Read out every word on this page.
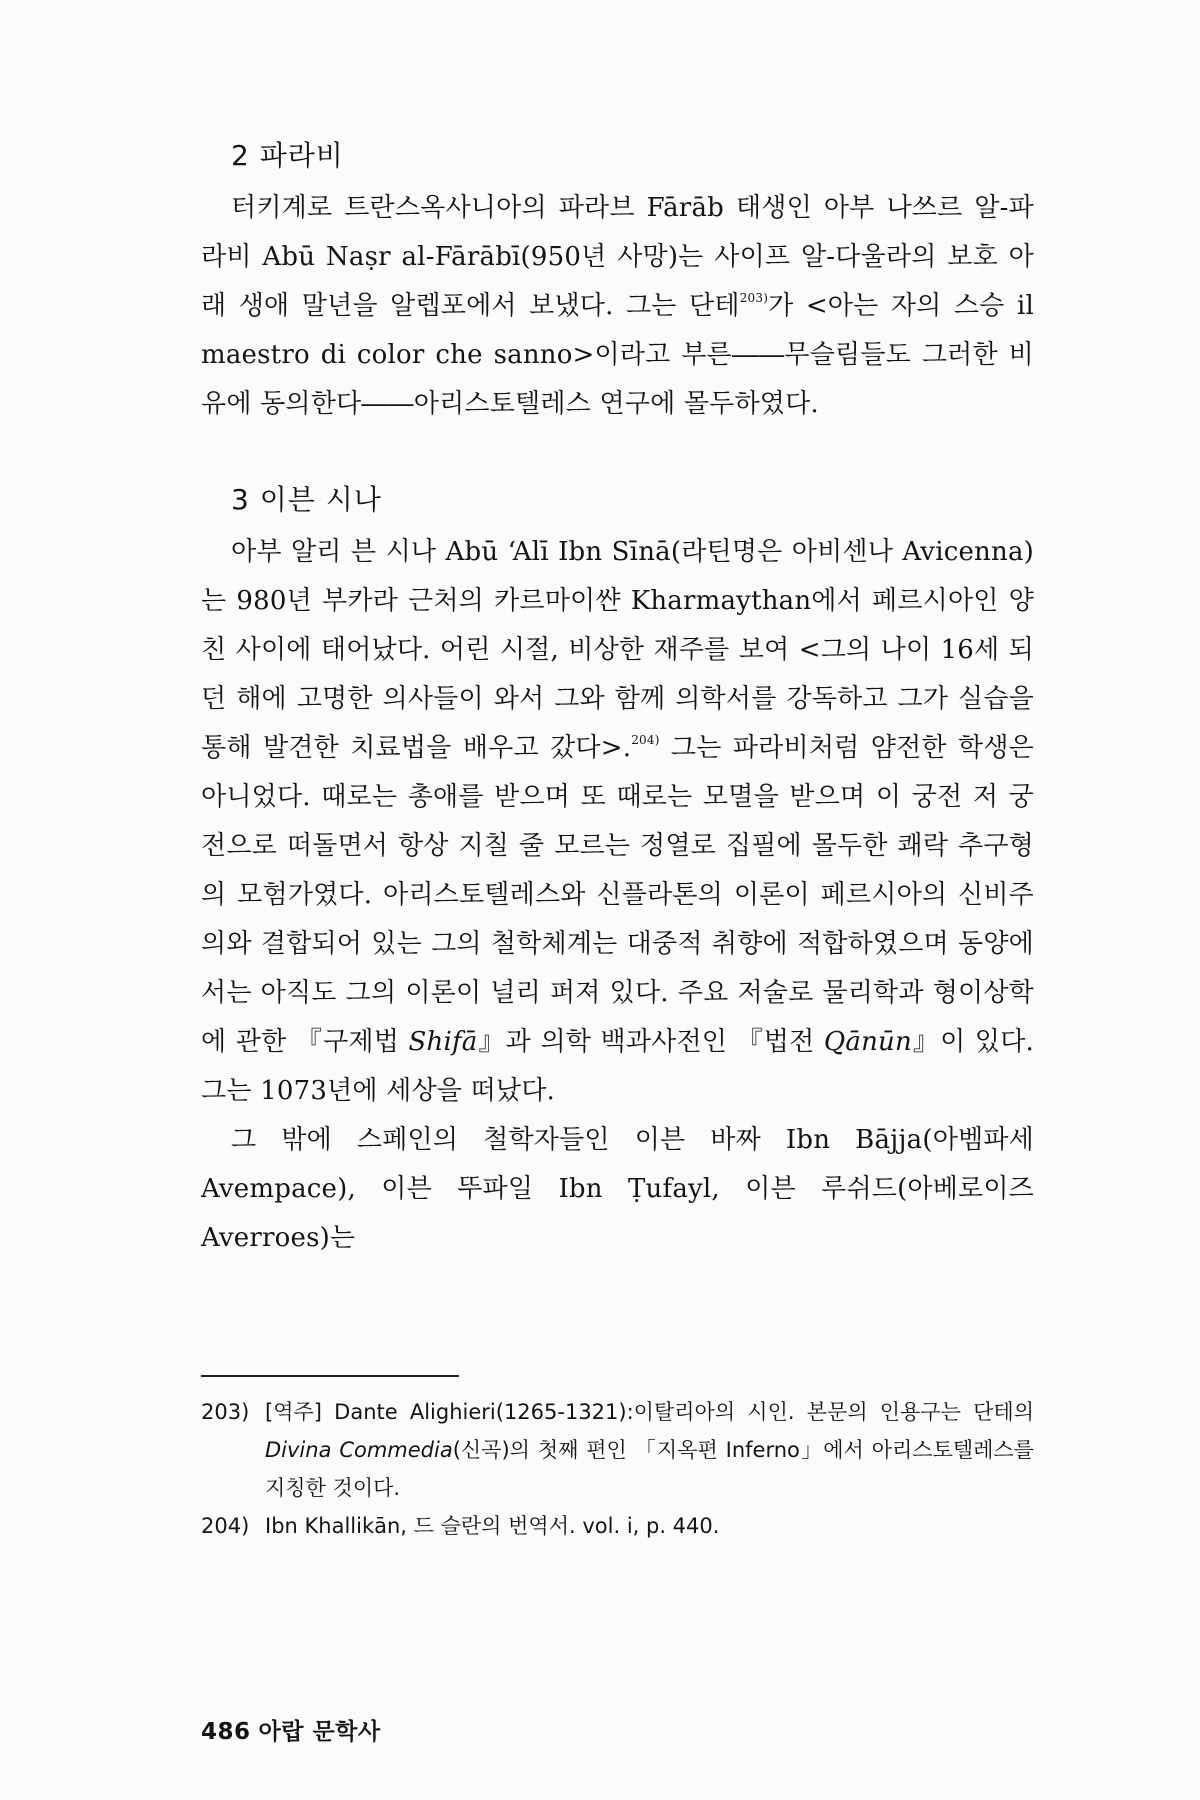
2 파라비

터키계로 트란스옥사니아의 파라브 Fārāb 태생인 아부 나쓰르 알-파라비 Abū Naṣr al-Fārābī(950년 사망)는 사이프 알-다울라의 보호 아래 생애 말년을 알렙포에서 보냈다. 그는 단테$^{203)}$가 <아는 자의 스승 il maestro di color che sanno>이라고 부른――무슬림들도 그러한 비유에 동의한다――아리스토텔레스 연구에 몰두하였다.

3 이븐 시나

아부 알리 븐 시나 Abū ‘Alī Ibn Sīnā(라틴명은 아비센나 Avicenna)는 980년 부카라 근처의 카르마이쌴 Kharmaythan에서 페르시아인 양친 사이에 태어났다. 어린 시절, 비상한 재주를 보여 <그의 나이 16세 되던 해에 고명한 의사들이 와서 그와 함께 의학서를 강독하고 그가 실습을 통해 발견한 치료법을 배우고 갔다>.$^{204)}$ 그는 파라비처럼 얌전한 학생은 아니었다. 때로는 총애를 받으며 또 때로는 모멸을 받으며 이 궁전 저 궁전으로 떠돌면서 항상 지칠 줄 모르는 정열로 집필에 몰두한 쾌락 추구형의 모험가였다. 아리스토텔레스와 신플라톤의 이론이 페르시아의 신비주의와 결합되어 있는 그의 철학체계는 대중적 취향에 적합하였으며 동양에서는 아직도 그의 이론이 널리 퍼져 있다. 주요 저술로 물리학과 형이상학에 관한 『구제법 Shifā』과 의학 백과사전인 『법전 Qānūn』이 있다. 그는 1073년에 세상을 떠났다.

그 밖에 스페인의 철학자들인 이븐 바짜 Ibn Bājja(아벰파세 Avempace), 이븐 뚜파일 Ibn Ṭufayl, 이븐 루쉬드(아베로이즈 Averroes)는

203) [역주] Dante Alighieri(1265-1321):이탈리아의 시인. 본문의 인용구는 단테의 Divina Commedia(신곡)의 첫째 편인 「지옥편 Inferno」에서 아리스토텔레스를 지칭한 것이다.
204) Ibn Khallikān, 드 슬란의 번역서. vol. i, p. 440.
486 아랍 문학사
